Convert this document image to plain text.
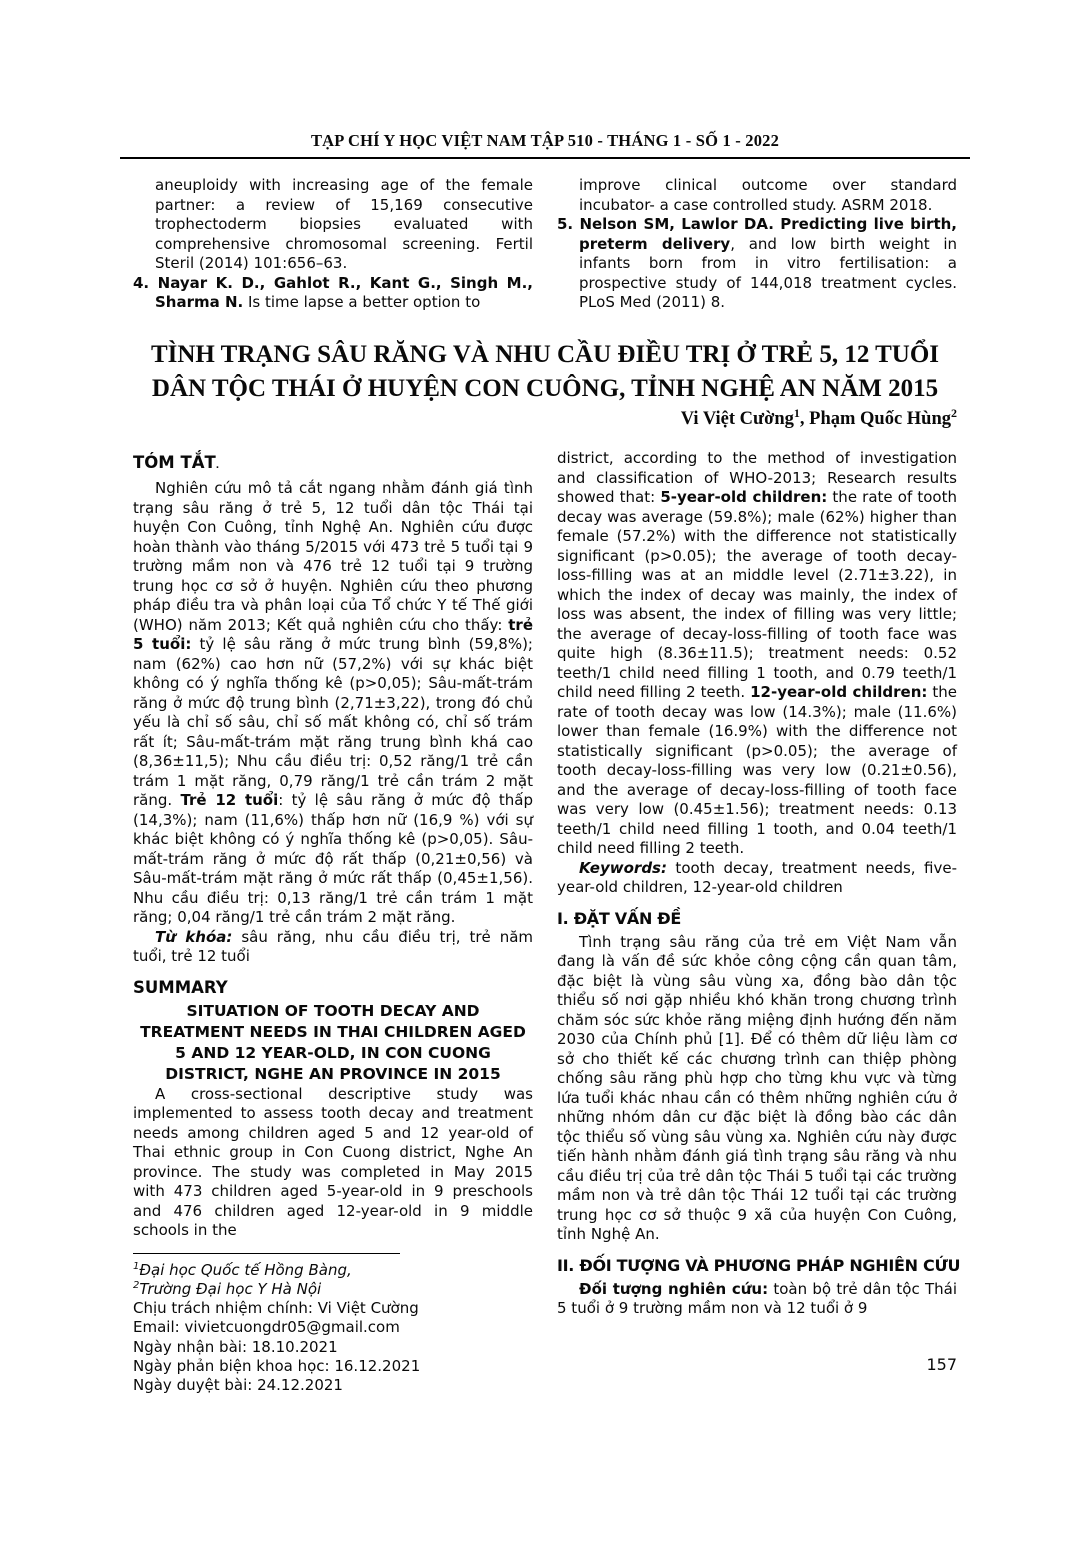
TẠP CHÍ Y HỌC VIỆT NAM TẬP 510 - THÁNG 1 - SỐ 1 - 2022

aneuploidy with increasing age of the female partner: a review of 15,169 consecutive trophectoderm biopsies evaluated with comprehensive chromosomal screening. Fertil Steril (2014) 101:656–63.

4. Nayar K. D., Gahlot R., Kant G., Singh M., Sharma N. Is time lapse a better option to

improve clinical outcome over standard incubator- a case controlled study. ASRM 2018.

5. Nelson SM, Lawlor DA. Predicting live birth, preterm delivery, and low birth weight in infants born from in vitro fertilisation: a prospective study of 144,018 treatment cycles. PLoS Med (2011) 8.

TÌNH TRẠNG SÂU RĂNG VÀ NHU CẦU ĐIỀU TRỊ Ở TRẺ 5, 12 TUỔI
DÂN TỘC THÁI Ở HUYỆN CON CUÔNG, TỈNH NGHỆ AN NĂM 2015
Vi Việt Cường$^1$, Phạm Quốc Hùng$^2$
TÓM TẮT.

Nghiên cứu mô tả cắt ngang nhằm đánh giá tình trạng sâu răng ở trẻ 5, 12 tuổi dân tộc Thái tại huyện Con Cuông, tỉnh Nghệ An. Nghiên cứu được hoàn thành vào tháng 5/2015 với 473 trẻ 5 tuổi tại 9 trường mầm non và 476 trẻ 12 tuổi tại 9 trường trung học cơ sở ở huyện. Nghiên cứu theo phương pháp điều tra và phân loại của Tổ chức Y tế Thế giới (WHO) năm 2013; Kết quả nghiên cứu cho thấy: trẻ 5 tuổi: tỷ lệ sâu răng ở mức trung bình (59,8%); nam (62%) cao hơn nữ (57,2%) với sự khác biệt không có ý nghĩa thống kê (p>0,05); Sâu-mất-trám răng ở mức độ trung bình (2,71±3,22), trong đó chủ yếu là chỉ số sâu, chỉ số mất không có, chỉ số trám rất ít; Sâu-mất-trám mặt răng trung bình khá cao (8,36±11,5); Nhu cầu điều trị: 0,52 răng/1 trẻ cần trám 1 mặt răng, 0,79 răng/1 trẻ cần trám 2 mặt răng. Trẻ 12 tuổi: tỷ lệ sâu răng ở mức độ thấp (14,3%); nam (11,6%) thấp hơn nữ (16,9 %) với sự khác biệt không có ý nghĩa thống kê (p>0,05). Sâu-mất-trám răng ở mức độ rất thấp (0,21±0,56) và Sâu-mất-trám mặt răng ở mức rất thấp (0,45±1,56). Nhu cầu điều trị: 0,13 răng/1 trẻ cần trám 1 mặt răng; 0,04 răng/1 trẻ cần trám 2 mặt răng.

Từ khóa: sâu răng, nhu cầu điều trị, trẻ năm tuổi, trẻ 12 tuổi

SUMMARY
SITUATION OF TOOTH DECAY AND TREATMENT NEEDS IN THAI CHILDREN AGED 5 AND 12 YEAR-OLD, IN CON CUONG DISTRICT, NGHE AN PROVINCE IN 2015

A cross-sectional descriptive study was implemented to assess tooth decay and treatment needs among children aged 5 and 12 year-old of Thai ethnic group in Con Cuong district, Nghe An province. The study was completed in May 2015 with 473 children aged 5-year-old in 9 preschools and 476 children aged 12-year-old in 9 middle schools in the

$^1$Đại học Quốc tế Hồng Bàng,
$^2$Trường Đại học Y Hà Nội
Chịu trách nhiệm chính: Vi Việt Cường
Email: vivietcuongdr05@gmail.com
Ngày nhận bài: 18.10.2021
Ngày phản biện khoa học: 16.12.2021
Ngày duyệt bài: 24.12.2021

district, according to the method of investigation and classification of WHO-2013; Research results showed that: 5-year-old children: the rate of tooth decay was average (59.8%); male (62%) higher than female (57.2%) with the difference not statistically significant (p>0.05); the average of tooth decay-loss-filling was at an middle level (2.71±3.22), in which the index of decay was mainly, the index of loss was absent, the index of filling was very little; the average of decay-loss-filling of tooth face was quite high (8.36±11.5); treatment needs: 0.52 teeth/1 child need filling 1 tooth, and 0.79 teeth/1 child need filling 2 teeth. 12-year-old children: the rate of tooth decay was low (14.3%); male (11.6%) lower than female (16.9%) with the difference not statistically significant (p>0.05); the average of tooth decay-loss-filling was very low (0.21±0.56), and the average of decay-loss-filling of tooth face was very low (0.45±1.56); treatment needs: 0.13 teeth/1 child need filling 1 tooth, and 0.04 teeth/1 child need filling 2 teeth.

Keywords: tooth decay, treatment needs, five-year-old children, 12-year-old children

I. ĐẶT VẤN ĐỀ

Tình trạng sâu răng của trẻ em Việt Nam vẫn đang là vấn đề sức khỏe công cộng cần quan tâm, đặc biệt là vùng sâu vùng xa, đồng bào dân tộc thiểu số nơi gặp nhiều khó khăn trong chương trình chăm sóc sức khỏe răng miệng định hướng đến năm 2030 của Chính phủ [1]. Để có thêm dữ liệu làm cơ sở cho thiết kế các chương trình can thiệp phòng chống sâu răng phù hợp cho từng khu vực và từng lứa tuổi khác nhau cần có thêm những nghiên cứu ở những nhóm dân cư đặc biệt là đồng bào các dân tộc thiểu số vùng sâu vùng xa. Nghiên cứu này được tiến hành nhằm đánh giá tình trạng sâu răng và nhu cầu điều trị của trẻ dân tộc Thái 5 tuổi tại các trường mầm non và trẻ dân tộc Thái 12 tuổi tại các trường trung học cơ sở thuộc 9 xã của huyện Con Cuông, tỉnh Nghệ An.

II. ĐỐI TƯỢNG VÀ PHƯƠNG PHÁP NGHIÊN CỨU

Đối tượng nghiên cứu: toàn bộ trẻ dân tộc Thái 5 tuổi ở 9 trường mầm non và 12 tuổi ở 9

157
